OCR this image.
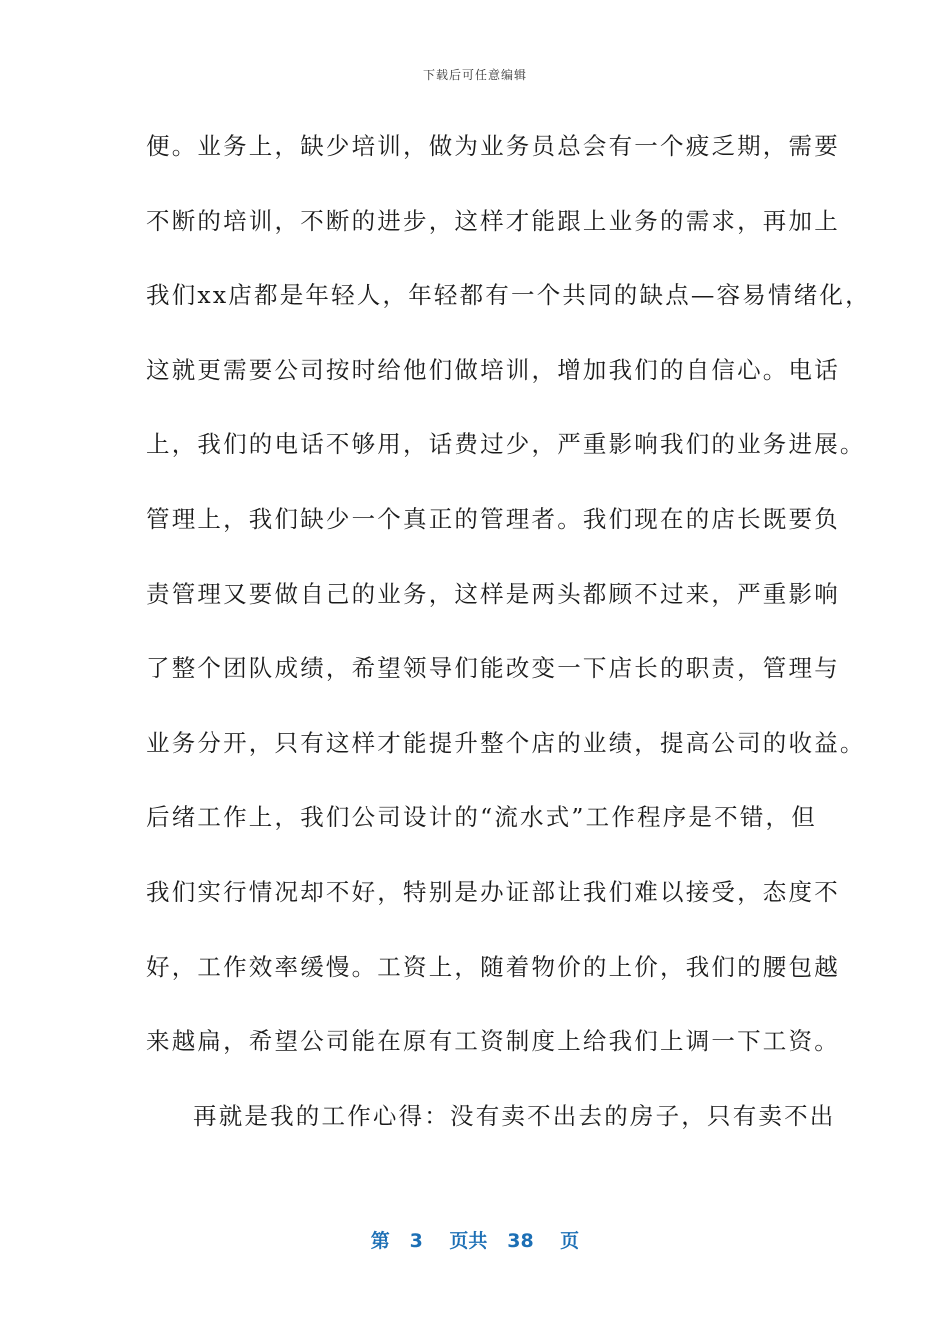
下载后可任意编辑
便。业务上，缺少培训，做为业务员总会有一个疲乏期，需要
不断的培训，不断的进步，这样才能跟上业务的需求，再加上
我们xx店都是年轻人，年轻都有一个共同的缺点—容易情绪化，
这就更需要公司按时给他们做培训，增加我们的自信心。电话
上，我们的电话不够用，话费过少，严重影响我们的业务进展。
管理上，我们缺少一个真正的管理者。我们现在的店长既要负
责管理又要做自己的业务，这样是两头都顾不过来，严重影响
了整个团队成绩，希望领导们能改变一下店长的职责，管理与
业务分开，只有这样才能提升整个店的业绩，提高公司的收益。
后绪工作上，我们公司设计的“流水式”工作程序是不错，但
我们实行情况却不好，特别是办证部让我们难以接受，态度不
好，工作效率缓慢。工资上，随着物价的上价，我们的腰包越
来越扁，希望公司能在原有工资制度上给我们上调一下工资。
再就是我的工作心得：没有卖不出去的房子，只有卖不出
第 3 页共 38 页
